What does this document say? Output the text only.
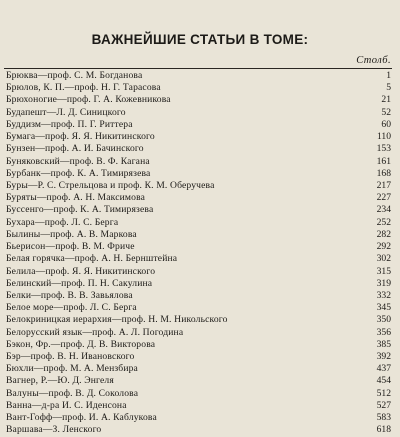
ВАЖНЕЙШИЕ СТАТЬИ В ТОМЕ:
Столб.
Брюква—проф. С. М. Богданова	1
Брюлов, К. П.—проф. Н. Г. Тарасова	5
Брюхоногие—проф. Г. А. Кожевникова	21
Будапешт—Л. Д. Синицкого	52
Буддизм—проф. П. Г. Риттера	60
Бумага—проф. Я. Я. Никитинского	110
Бунзен—проф. А. И. Бачинского	153
Буняковский—проф. В. Ф. Кагана	161
Бурбанк—проф. К. А. Тимирязева	168
Буры—Р. С. Стрельцова и проф. К. М. Оберучева	217
Буряты—проф. А. Н. Максимова	227
Буссенго—проф. К. А. Тимирязева	234
Бухара—проф. Л. С. Берга	252
Былины—проф. А. В. Маркова	282
Бьерисон—проф. В. М. Фриче	292
Белая горячка—проф. А. Н. Бернштейна	302
Белила—проф. Я. Я. Никитинского	315
Белинский—проф. П. Н. Сакулина	319
Белки—проф. В. В. Завьялова	332
Белое море—проф. Л. С. Берга	345
Белокриницкая иерархия—проф. Н. М. Никольского	350
Белорусский язык—проф. А. Л. Погодина	356
Бэкон, Фр.—проф. Д. В. Викторова	385
Бэр—проф. В. Н. Ивановского	392
Бюхли—проф. М. А. Мензбира	437
Вагнер, Р.—Ю. Д. Энгеля	454
Валуны—проф. В. Д. Соколова	512
Ванна—д-ра И. С. Иденсона	527
Вант-Гофф—проф. И. А. Каблукова	583
Варшава—З. Ленского	618
